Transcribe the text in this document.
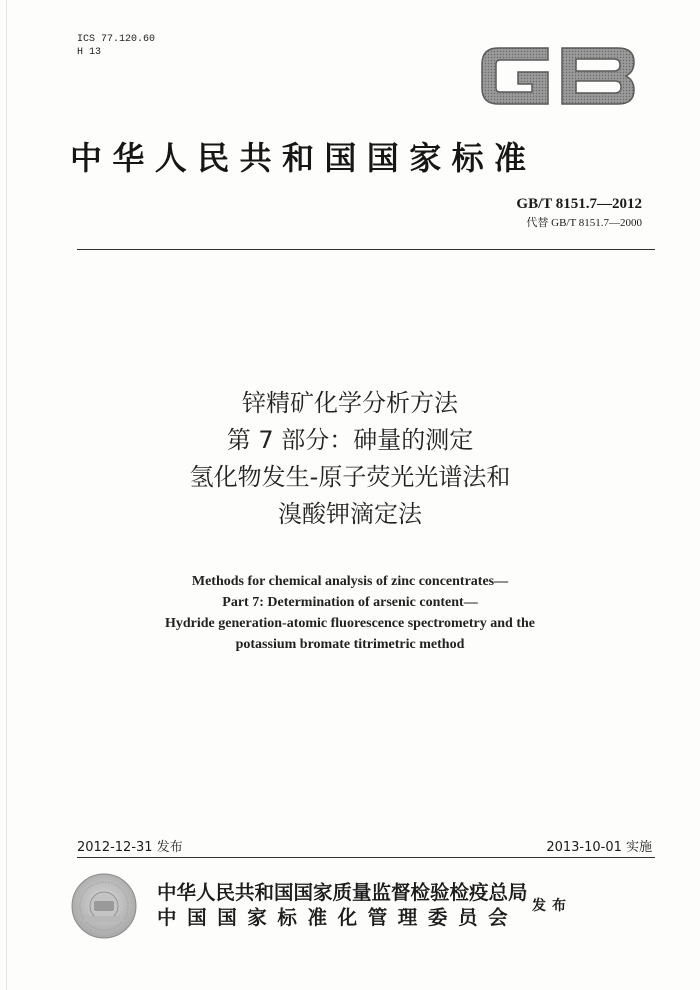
ICS 77.120.60
H 13
中华人民共和国国家标准
GB/T 8151.7—2012
代替 GB/T 8151.7—2000
锌精矿化学分析方法
第 7 部分：砷量的测定
氢化物发生-原子荧光光谱法和
溴酸钾滴定法
Methods for chemical analysis of zinc concentrates—
Part 7: Determination of arsenic content—
Hydride generation-atomic fluorescence spectrometry and the
potassium bromate titrimetric method
2012-12-31 发布	2013-10-01 实施
中华人民共和国国家质量监督检验检疫总局
中国国家标准化管理委员会 发布
